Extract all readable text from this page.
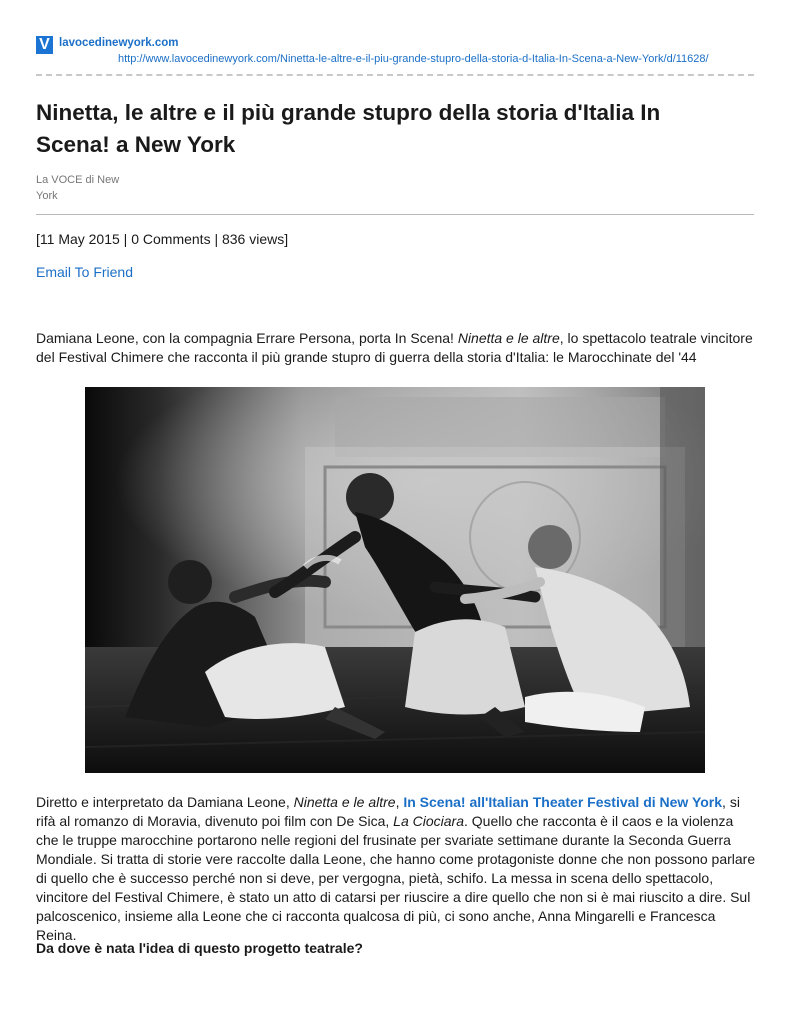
V lavocedinewyork.com
http://www.lavocedinewyork.com/Ninetta-le-altre-e-il-piu-grande-stupro-della-storia-d-Italia-In-Scena-a-New-York/d/11628/
Ninetta, le altre e il più grande stupro della storia d'Italia In Scena! a New York
La VOCE di New
York
[11 May 2015 | 0 Comments | 836 views]
Email To Friend

Damiana Leone, con la compagnia Errare Persona, porta In Scena! Ninetta e le altre, lo spettacolo teatrale vincitore del Festival Chimere che racconta il più grande stupro di guerra della storia d'Italia: le Marocchinate del '44

Diretto e interpretato da Damiana Leone, Ninetta e le altre, In Scena! all'Italian Theater Festival di New York, si rifà al romanzo di Moravia, divenuto poi film con De Sica, La Ciociara. Quello che racconta è il caos e la violenza che le truppe marocchine portarono nelle regioni del frusinate per svariate settimane durante la Seconda Guerra Mondiale. Si tratta di storie vere raccolte dalla Leone, che hanno come protagoniste donne che non possono parlare di quello che è successo perché non si deve, per vergogna, pietà, schifo. La messa in scena dello spettacolo, vincitore del Festival Chimere, è stato un atto di catarsi per riuscire a dire quello che non si è mai riuscito a dire. Sul palcoscenico, insieme alla Leone che ci racconta qualcosa di più, ci sono anche, Anna Mingarelli e Francesca Reina.

Da dove è nata l'idea di questo progetto teatrale?
